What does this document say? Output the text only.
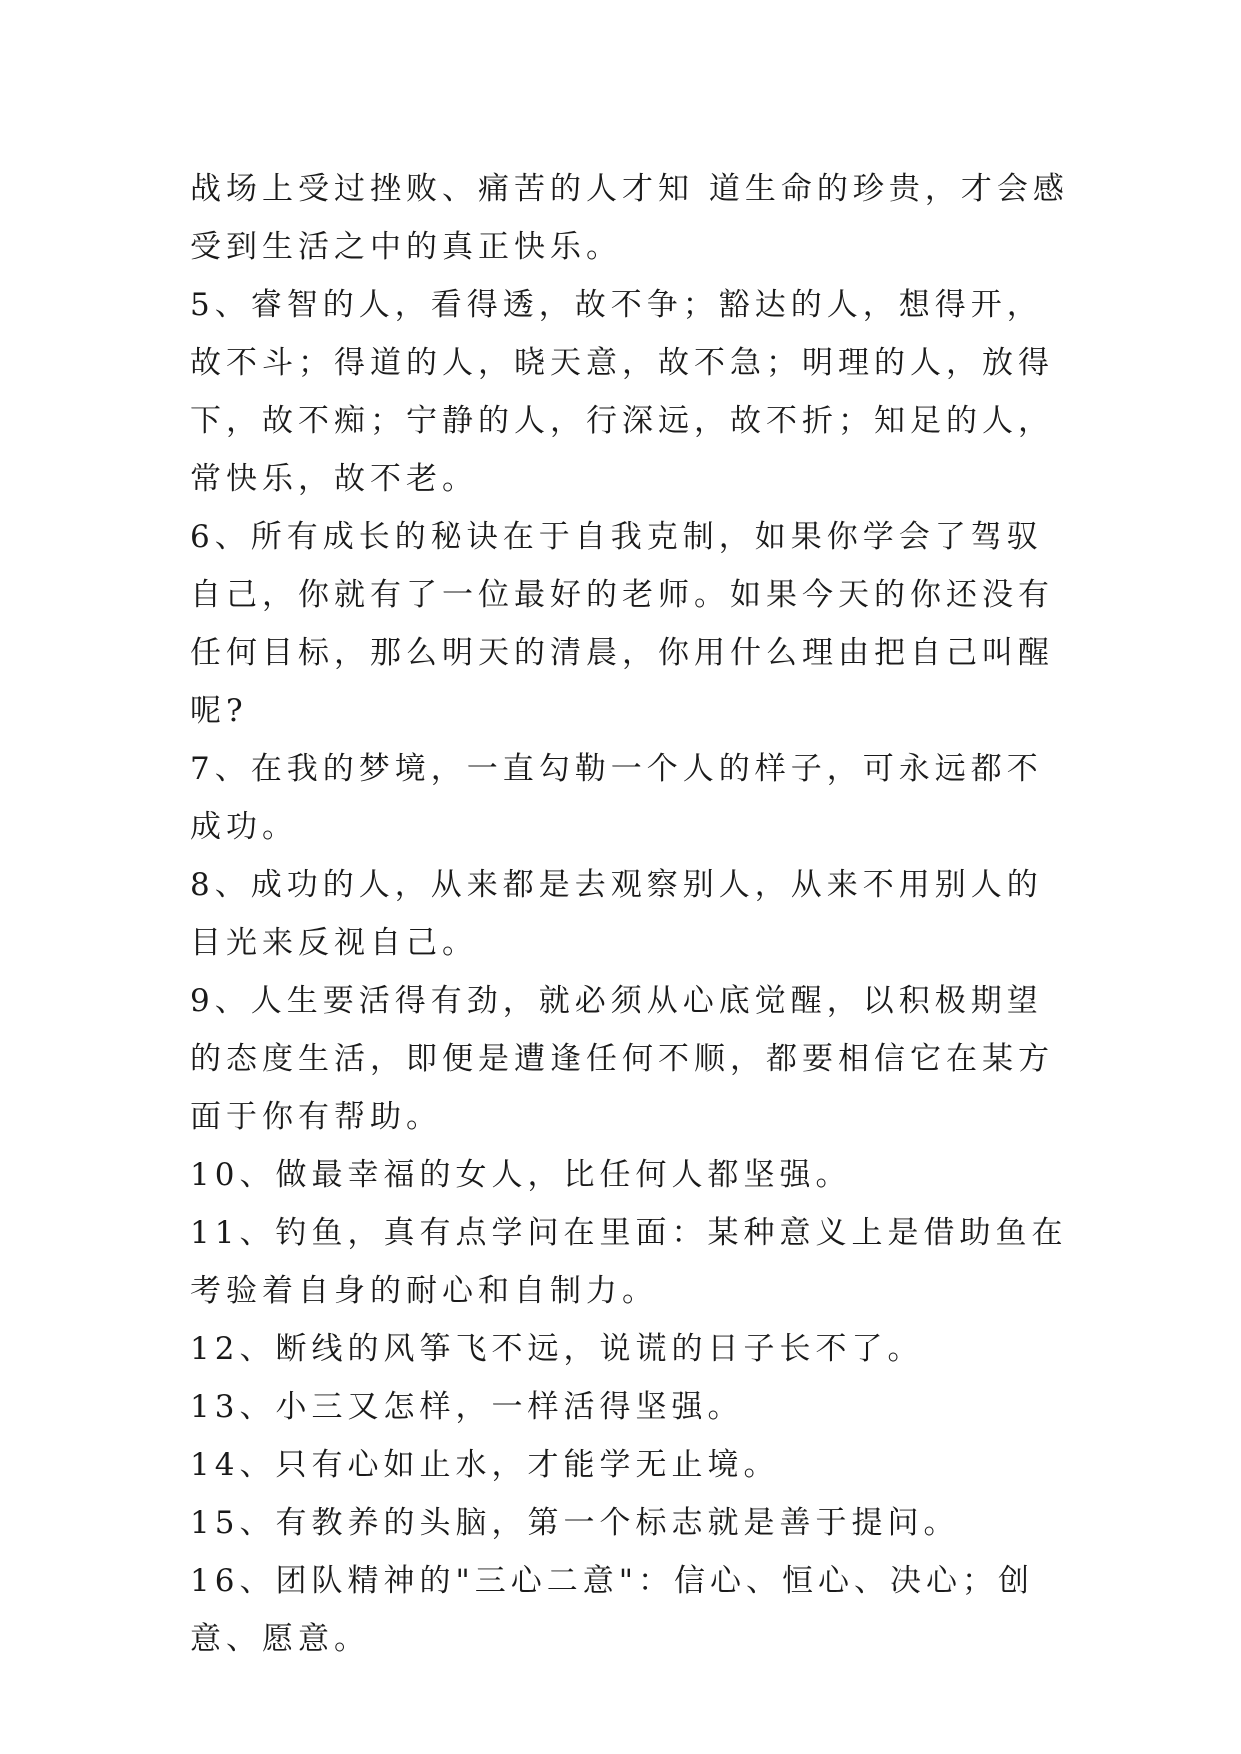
战场上受过挫败、痛苦的人才知 道生命的珍贵，才会感受到生活之中的真正快乐。

5、睿智的人，看得透，故不争；豁达的人，想得开，故不斗；得道的人，晓天意，故不急；明理的人，放得下，故不痴；宁静的人，行深远，故不折；知足的人，常快乐，故不老。

6、所有成长的秘诀在于自我克制，如果你学会了驾驭自己，你就有了一位最好的老师。如果今天的你还没有任何目标，那么明天的清晨，你用什么理由把自己叫醒呢?

7、在我的梦境，一直勾勒一个人的样子，可永远都不成功。

8、成功的人，从来都是去观察别人，从来不用别人的目光来反视自己。

9、人生要活得有劲，就必须从心底觉醒，以积极期望的态度生活，即便是遭逢任何不顺，都要相信它在某方面于你有帮助。

10、做最幸福的女人，比任何人都坚强。

11、钓鱼，真有点学问在里面：某种意义上是借助鱼在考验着自身的耐心和自制力。

12、断线的风筝飞不远，说谎的日子长不了。

13、小三又怎样，一样活得坚强。

14、只有心如止水，才能学无止境。

15、有教养的头脑，第一个标志就是善于提问。

16、团队精神的"三心二意"：信心、恒心、决心；创意、愿意。
